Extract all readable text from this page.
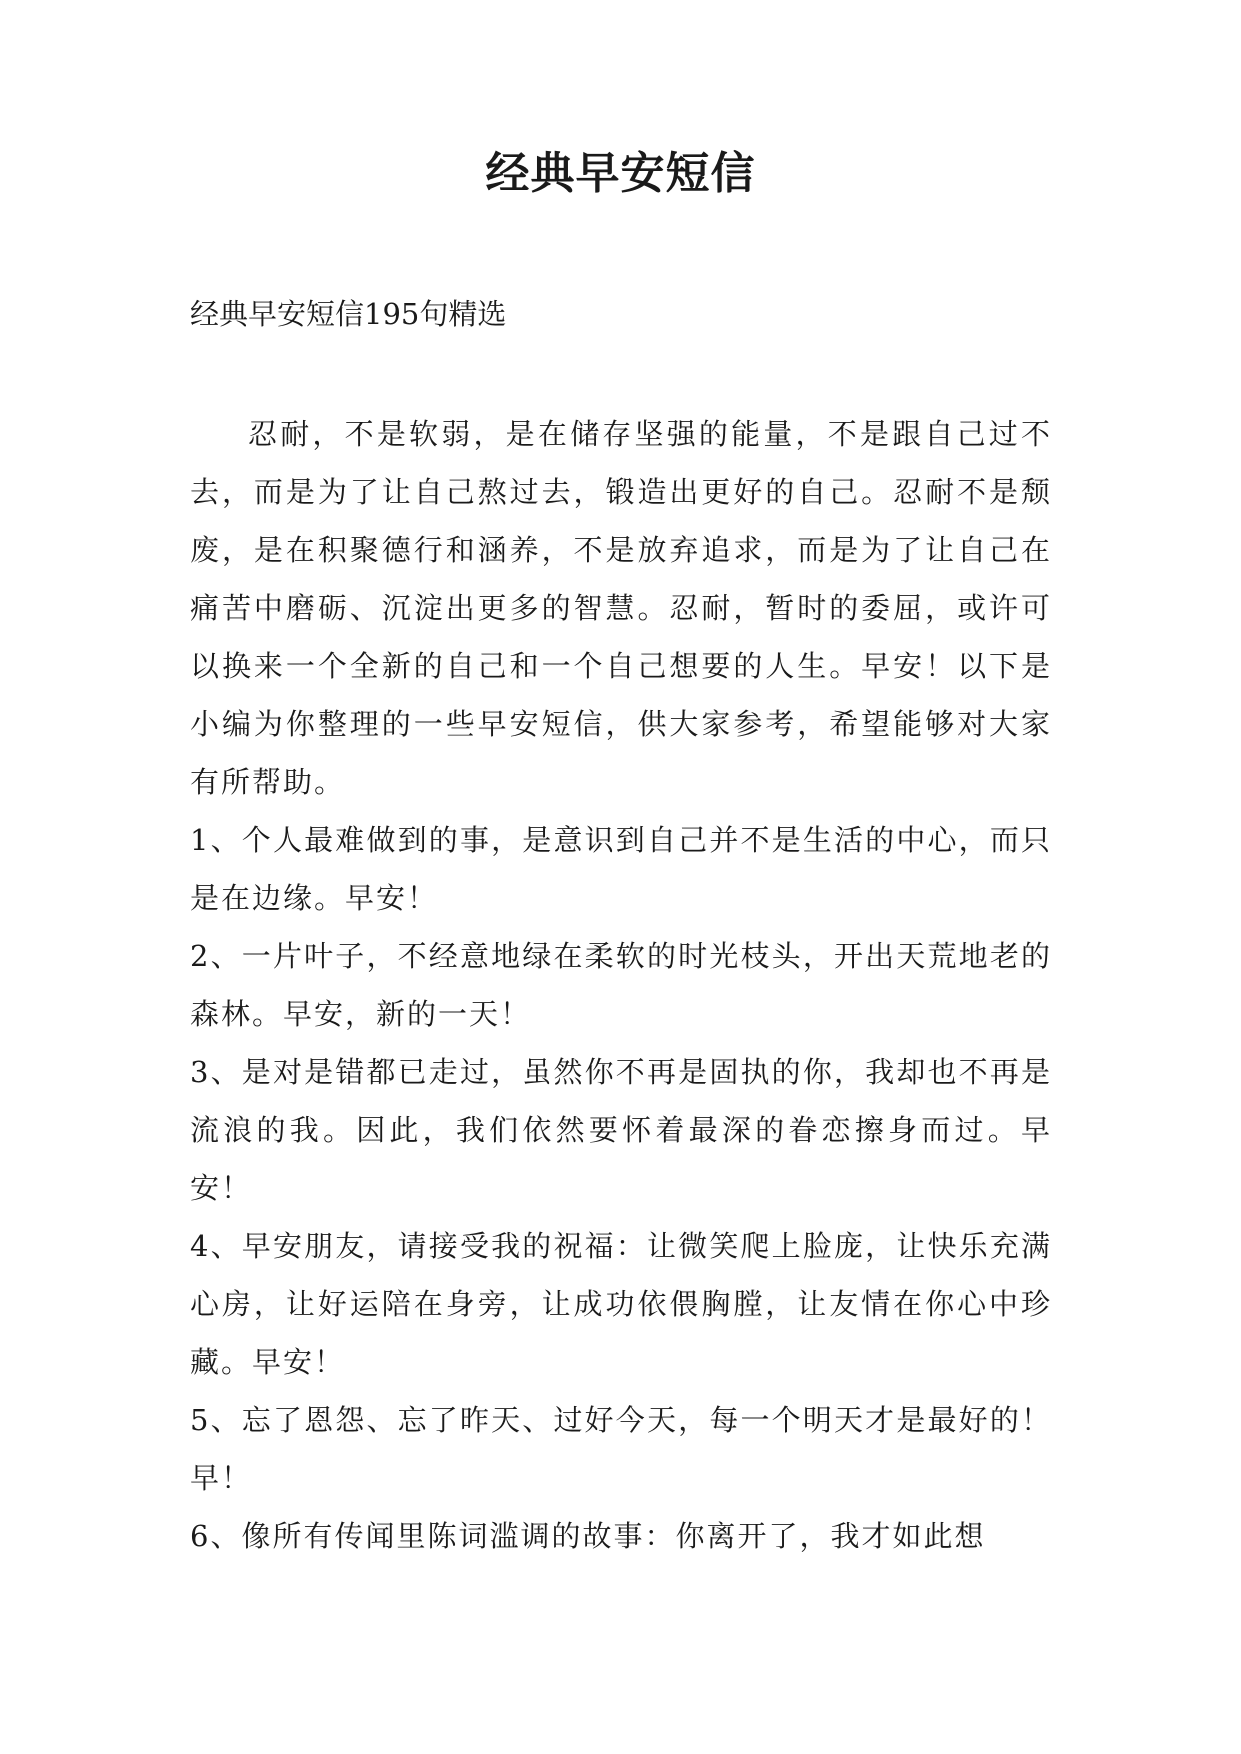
经典早安短信

经典早安短信195句精选

忍耐，不是软弱，是在储存坚强的能量，不是跟自己过不去，而是为了让自己熬过去，锻造出更好的自己。忍耐不是颓废，是在积聚德行和涵养，不是放弃追求，而是为了让自己在痛苦中磨砺、沉淀出更多的智慧。忍耐，暂时的委屈，或许可以换来一个全新的自己和一个自己想要的人生。早安！以下是小编为你整理的一些早安短信，供大家参考，希望能够对大家有所帮助。

1、个人最难做到的事，是意识到自己并不是生活的中心，而只是在边缘。早安！

2、一片叶子，不经意地绿在柔软的时光枝头，开出天荒地老的森林。早安，新的一天！

3、是对是错都已走过，虽然你不再是固执的你，我却也不再是流浪的我。因此，我们依然要怀着最深的眷恋擦身而过。早安！

4、早安朋友，请接受我的祝福：让微笑爬上脸庞，让快乐充满心房，让好运陪在身旁，让成功依偎胸膛，让友情在你心中珍藏。早安！

5、忘了恩怨、忘了昨天、过好今天，每一个明天才是最好的！早！

6、像所有传闻里陈词滥调的故事：你离开了，我才如此想
